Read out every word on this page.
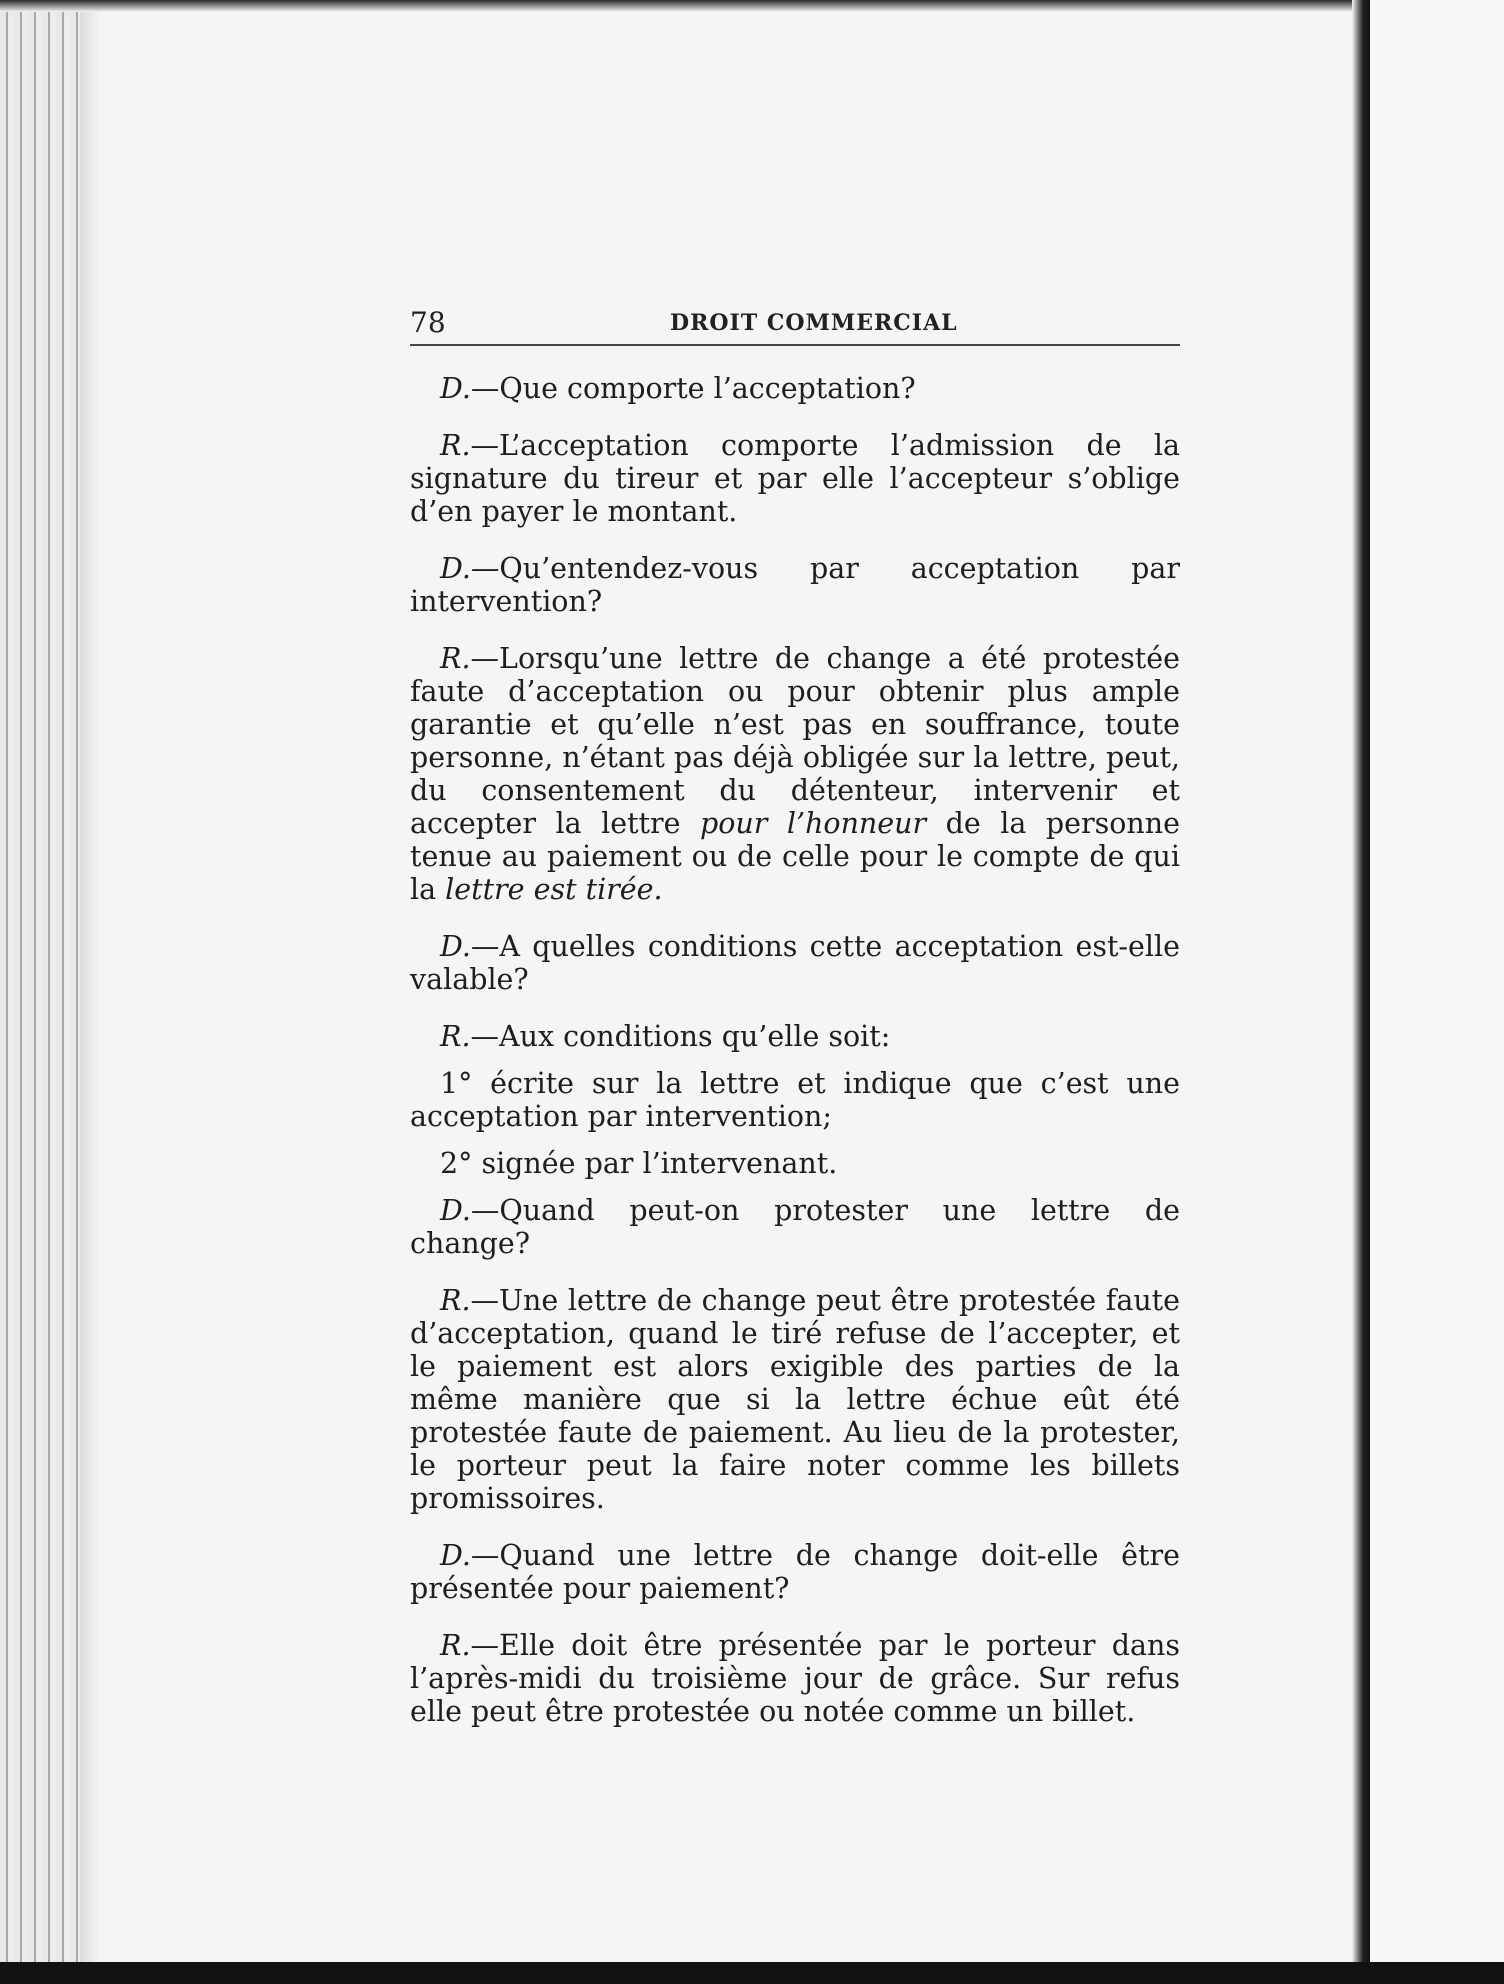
78	DROIT COMMERCIAL

D.—Que comporte l’acceptation?

R.—L’acceptation comporte l’admission de la signature du tireur et par elle l’accepteur s’oblige d’en payer le montant.

D.—Qu’entendez-vous par acceptation par intervention?

R.—Lorsqu’une lettre de change a été protestée faute d’acceptation ou pour obtenir plus ample garantie et qu’elle n’est pas en souffrance, toute personne, n’étant pas déjà obligée sur la lettre, peut, du consentement du détenteur, intervenir et accepter la lettre pour l’honneur de la personne tenue au paiement ou de celle pour le compte de qui la lettre est tirée.

D.—A quelles conditions cette acceptation est-elle valable?

R.—Aux conditions qu’elle soit:

1° écrite sur la lettre et indique que c’est une acceptation par intervention;

2° signée par l’intervenant.

D.—Quand peut-on protester une lettre de change?

R.—Une lettre de change peut être protestée faute d’acceptation, quand le tiré refuse de l’accepter, et le paiement est alors exigible des parties de la même manière que si la lettre échue eût été protestée faute de paiement. Au lieu de la protester, le porteur peut la faire noter comme les billets promissoires.

D.—Quand une lettre de change doit-elle être présentée pour paiement?

R.—Elle doit être présentée par le porteur dans l’après-midi du troisième jour de grâce. Sur refus elle peut être protestée ou notée comme un billet.
